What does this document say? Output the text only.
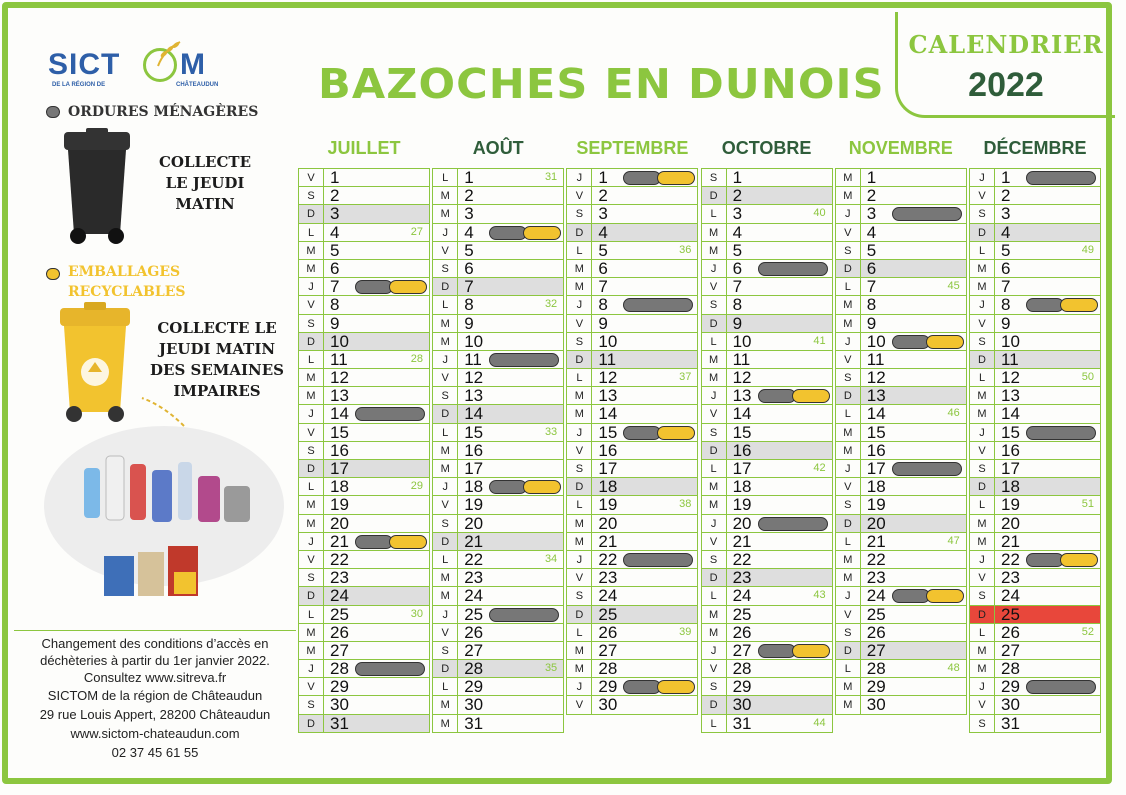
SICT M
DE LA RÉGION DE	CHÂTEAUDUN BAZOCHES EN DUNOIS
CALENDRIER
2022
ORDURES MÉNAGÈRES
COLLECTE
LE JEUDI
MATIN
EMBALLAGES
RECYCLABLES
COLLECTE LE
JEUDI MATIN
DES SEMAINES
IMPAIRES
Changement des conditions d’accès en
déchèteries à partir du 1er janvier 2022.
Consultez www.sitreva.fr
SICTOM de la région de Châteaudun
29 rue Louis Appert, 28200 Châteaudun
www.sictom-chateaudun.com
02 37 45 61 55
JUILLET
V 1
S 2
D 3
L 4	27
M 5
M 6
J 7
V 8
S 9
D 10
L 11	28
M 12
M 13
J 14
V 15
S 16
D 17
L 18	29
M 19
M 20
J 21
V 22
S 23
D 24
L 25	30
M 26
M 27
J 28
V 29
S 30
D 31
AOÛT
L 1	31
M 2
M 3
J 4
V 5
S 6
D 7
L 8	32
M 9
M 10
J 11
V 12
S 13
D 14
L 15	33
M 16
M 17
J 18
V 19
S 20
D 21
L 22	34
M 23
M 24
J 25
V 26
S 27
D 28	35
L 29
M 30
M 31
SEPTEMBRE
J 1
V 2
S 3
D 4
L 5	36
M 6
M 7
J 8
V 9
S 10
D 11
L 12	37
M 13
M 14
J 15
V 16
S 17
D 18
L 19	38
M 20
M 21
J 22
V 23
S 24
D 25
L 26	39
M 27
M 28
J 29
V 30
OCTOBRE
S 1
D 2
L 3	40
M 4
M 5
J 6
V 7
S 8
D 9
L 10	41
M 11
M 12
J 13
V 14
S 15
D 16
L 17	42
M 18
M 19
J 20
V 21
S 22
D 23
L 24	43
M 25
M 26
J 27
V 28
S 29
D 30
L 31	44
NOVEMBRE
M 1
M 2
J 3
V 4
S 5
D 6
L 7	45
M 8
M 9
J 10
V 11
S 12
D 13
L 14	46
M 15
M 16
J 17
V 18
S 19
D 20
L 21	47
M 22
M 23
J 24
V 25
S 26
D 27
L 28	48
M 29
M 30
DÉCEMBRE
J 1
V 2
S 3
D 4
L 5	49
M 6
M 7
J 8
V 9
S 10
D 11
L 12	50
M 13
M 14
J 15
V 16
S 17
D 18
L 19	51
M 20
M 21
J 22
V 23
S 24
D 25
L 26	52
M 27
M 28
J 29
V 30
S 31
